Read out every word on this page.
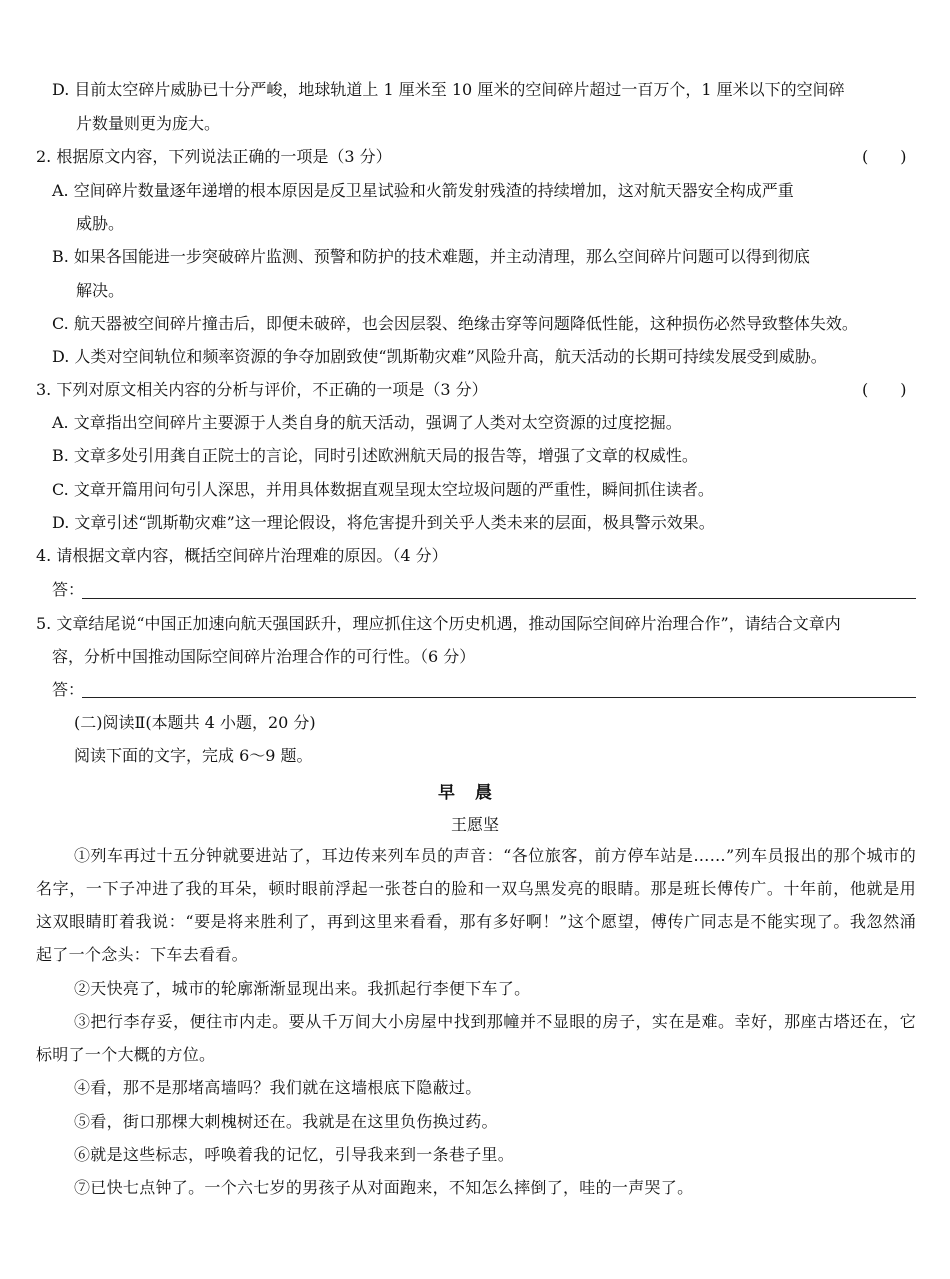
D. 目前太空碎片威胁已十分严峻，地球轨道上 1 厘米至 10 厘米的空间碎片超过一百万个，1 厘米以下的空间碎
片数量则更为庞大。
2. 根据原文内容，下列说法正确的一项是（3 分）	(　　)
A. 空间碎片数量逐年递增的根本原因是反卫星试验和火箭发射残渣的持续增加，这对航天器安全构成严重
威胁。
B. 如果各国能进一步突破碎片监测、预警和防护的技术难题，并主动清理，那么空间碎片问题可以得到彻底
解决。
C. 航天器被空间碎片撞击后，即便未破碎，也会因层裂、绝缘击穿等问题降低性能，这种损伤必然导致整体失效。
D. 人类对空间轨位和频率资源的争夺加剧致使“凯斯勒灾难”风险升高，航天活动的长期可持续发展受到威胁。
3. 下列对原文相关内容的分析与评价，不正确的一项是（3 分）	(　　)
A. 文章指出空间碎片主要源于人类自身的航天活动，强调了人类对太空资源的过度挖掘。
B. 文章多处引用龚自正院士的言论，同时引述欧洲航天局的报告等，增强了文章的权威性。
C. 文章开篇用问句引人深思，并用具体数据直观呈现太空垃圾问题的严重性，瞬间抓住读者。
D. 文章引述“凯斯勒灾难”这一理论假设，将危害提升到关乎人类未来的层面，极具警示效果。
4. 请根据文章内容，概括空间碎片治理难的原因。（4 分）
答：
5. 文章结尾说“中国正加速向航天强国跃升，理应抓住这个历史机遇，推动国际空间碎片治理合作”，请结合文章内
容，分析中国推动国际空间碎片治理合作的可行性。（6 分）
答：
(二)阅读Ⅱ(本题共 4 小题，20 分)
阅读下面的文字，完成 6～9 题。
早晨
王愿坚
①列车再过十五分钟就要进站了，耳边传来列车员的声音：“各位旅客，前方停车站是……”列车员报出的那个城市的名字，一下子冲进了我的耳朵，顿时眼前浮起一张苍白的脸和一双乌黑发亮的眼睛。那是班长傅传广。十年前，他就是用这双眼睛盯着我说：“要是将来胜利了，再到这里来看看，那有多好啊！”这个愿望，傅传广同志是不能实现了。我忽然涌起了一个念头：下车去看看。
②天快亮了，城市的轮廓渐渐显现出来。我抓起行李便下车了。
③把行李存妥，便往市内走。要从千万间大小房屋中找到那幢并不显眼的房子，实在是难。幸好，那座古塔还在，它标明了一个大概的方位。
④看，那不是那堵高墙吗？我们就在这墙根底下隐蔽过。
⑤看，街口那棵大刺槐树还在。我就是在这里负伤换过药。
⑥就是这些标志，呼唤着我的记忆，引导我来到一条巷子里。
⑦已快七点钟了。一个六七岁的男孩子从对面跑来，不知怎么摔倒了，哇的一声哭了。
